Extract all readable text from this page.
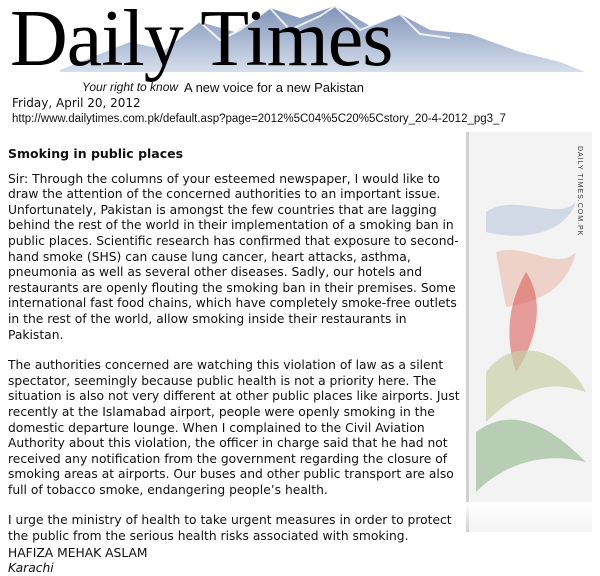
Daily Times
Your right to know A new voice for a new Pakistan
Friday, April 20, 2012
http://www.dailytimes.com.pk/default.asp?page=2012%5C04%5C20%5Cstory_20-4-2012_pg3_7
DAILY TIMES.COM.PK

Smoking in public places

Sir: Through the columns of your esteemed newspaper, I would like to draw the attention of the concerned authorities to an important issue. Unfortunately, Pakistan is amongst the few countries that are lagging behind the rest of the world in their implementation of a smoking ban in public places. Scientific research has confirmed that exposure to second-hand smoke (SHS) can cause lung cancer, heart attacks, asthma, pneumonia as well as several other diseases. Sadly, our hotels and restaurants are openly flouting the smoking ban in their premises. Some international fast food chains, which have completely smoke-free outlets in the rest of the world, allow smoking inside their restaurants in Pakistan.

The authorities concerned are watching this violation of law as a silent spectator, seemingly because public health is not a priority here. The situation is also not very different at other public places like airports. Just recently at the Islamabad airport, people were openly smoking in the domestic departure lounge. When I complained to the Civil Aviation Authority about this violation, the officer in charge said that he had not received any notification from the government regarding the closure of smoking areas at airports. Our buses and other public transport are also full of tobacco smoke, endangering people’s health.

I urge the ministry of health to take urgent measures in order to protect the public from the serious health risks associated with smoking.

HAFIZA MEHAK ASLAM

Karachi
